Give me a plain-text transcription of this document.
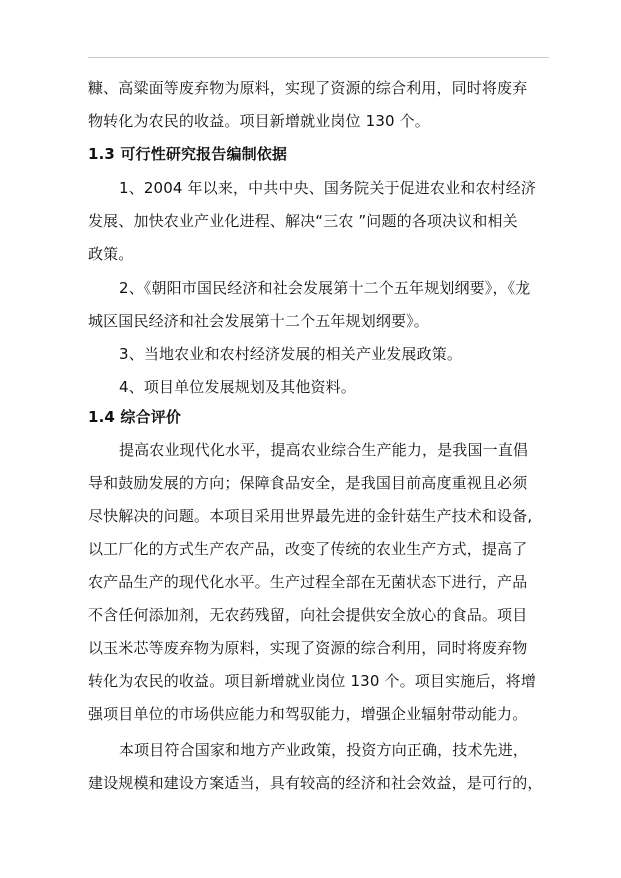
糠、高粱面等废弃物为原料，实现了资源的综合利用，同时将废弃
物转化为农民的收益。项目新增就业岗位 130 个。
1.3 可行性研究报告编制依据
1、2004 年以来，中共中央、国务院关于促进农业和农村经济
发展、加快农业产业化进程、解决“三农 ”问题的各项决议和相关
政策。
2、《朝阳市国民经济和社会发展第十二个五年规划纲要》，《龙
城区国民经济和社会发展第十二个五年规划纲要》。
3、当地农业和农村经济发展的相关产业发展政策。
4、项目单位发展规划及其他资料。
1.4 综合评价
提高农业现代化水平，提高农业综合生产能力，是我国一直倡
导和鼓励发展的方向；保障食品安全，是我国目前高度重视且必须
尽快解决的问题。本项目采用世界最先进的金针菇生产技术和设备,
以工厂化的方式生产农产品，改变了传统的农业生产方式，提高了
农产品生产的现代化水平。生产过程全部在无菌状态下进行，产品
不含任何添加剂，无农药残留，向社会提供安全放心的食品。项目
以玉米芯等废弃物为原料，实现了资源的综合利用，同时将废弃物
转化为农民的收益。项目新增就业岗位 130 个。项目实施后，将增
强项目单位的市场供应能力和驾驭能力，增强企业辐射带动能力。
本项目符合国家和地方产业政策，投资方向正确，技术先进，
建设规模和建设方案适当，具有较高的经济和社会效益，是可行的，
